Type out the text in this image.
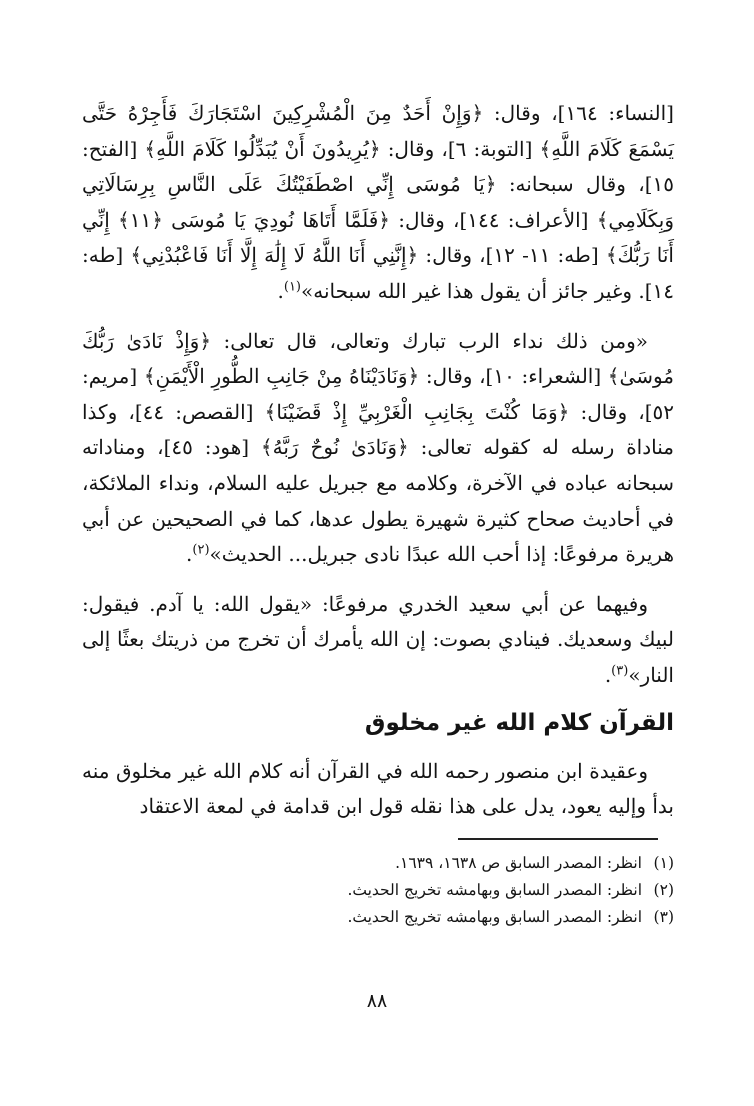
[النساء: ١٦٤]، وقال: ﴿وَإِنْ أَحَدٌ مِنَ الْمُشْرِكِينَ اسْتَجَارَكَ فَأَجِرْهُ حَتَّى يَسْمَعَ كَلَامَ اللَّهِ﴾ [التوبة: ٦]، وقال: ﴿يُرِيدُونَ أَنْ يُبَدِّلُوا كَلَامَ اللَّهِ﴾ [الفتح: ١٥]، وقال سبحانه: ﴿يَا مُوسَى إِنِّي اصْطَفَيْتُكَ عَلَى النَّاسِ بِرِسَالَاتِي وَبِكَلَامِي﴾ [الأعراف: ١٤٤]، وقال: ﴿فَلَمَّا أَتَاهَا نُودِيَ يَا مُوسَى ﴿١١﴾ إِنِّي أَنَا رَبُّكَ﴾ [طه: ١١- ١٢]، وقال: ﴿إِنَّنِي أَنَا اللَّهُ لَا إِلَٰهَ إِلَّا أَنَا فَاعْبُدْنِي﴾ [طه: ١٤]. وغير جائز أن يقول هذا غير الله سبحانه»$^{(١)}$.

«ومن ذلك نداء الرب تبارك وتعالى، قال تعالى: ﴿وَإِذْ نَادَىٰ رَبُّكَ مُوسَىٰ﴾ [الشعراء: ١٠]، وقال: ﴿وَنَادَيْنَاهُ مِنْ جَانِبِ الطُّورِ الْأَيْمَنِ﴾ [مريم: ٥٢]، وقال: ﴿وَمَا كُنْتَ بِجَانِبِ الْغَرْبِيِّ إِذْ قَضَيْنَا﴾ [القصص: ٤٤]، وكذا مناداة رسله له كقوله تعالى: ﴿وَنَادَىٰ نُوحٌ رَبَّهُ﴾ [هود: ٤٥]، ومناداته سبحانه عباده في الآخرة، وكلامه مع جبريل عليه السلام، ونداء الملائكة، في أحاديث صحاح كثيرة شهيرة يطول عدها، كما في الصحيحين عن أبي هريرة مرفوعًا: إذا أحب الله عبدًا نادى جبريل... الحديث»$^{(٢)}$.

وفيهما عن أبي سعيد الخدري مرفوعًا: «يقول الله: يا آدم. فيقول: لبيك وسعديك. فينادي بصوت: إن الله يأمرك أن تخرج من ذريتك بعثًا إلى النار»$^{(٣)}$.

القرآن كلام الله غير مخلوق

وعقيدة ابن منصور رحمه الله في القرآن أنه كلام الله غير مخلوق منه بدأ وإليه يعود، يدل على هذا نقله قول ابن قدامة في لمعة الاعتقاد

(١)
انظر: المصدر السابق ص ١٦٣٨، ١٦٣٩.
(٢)
انظر: المصدر السابق وبهامشه تخريج الحديث.
(٣)
انظر: المصدر السابق وبهامشه تخريج الحديث.
٨٨
